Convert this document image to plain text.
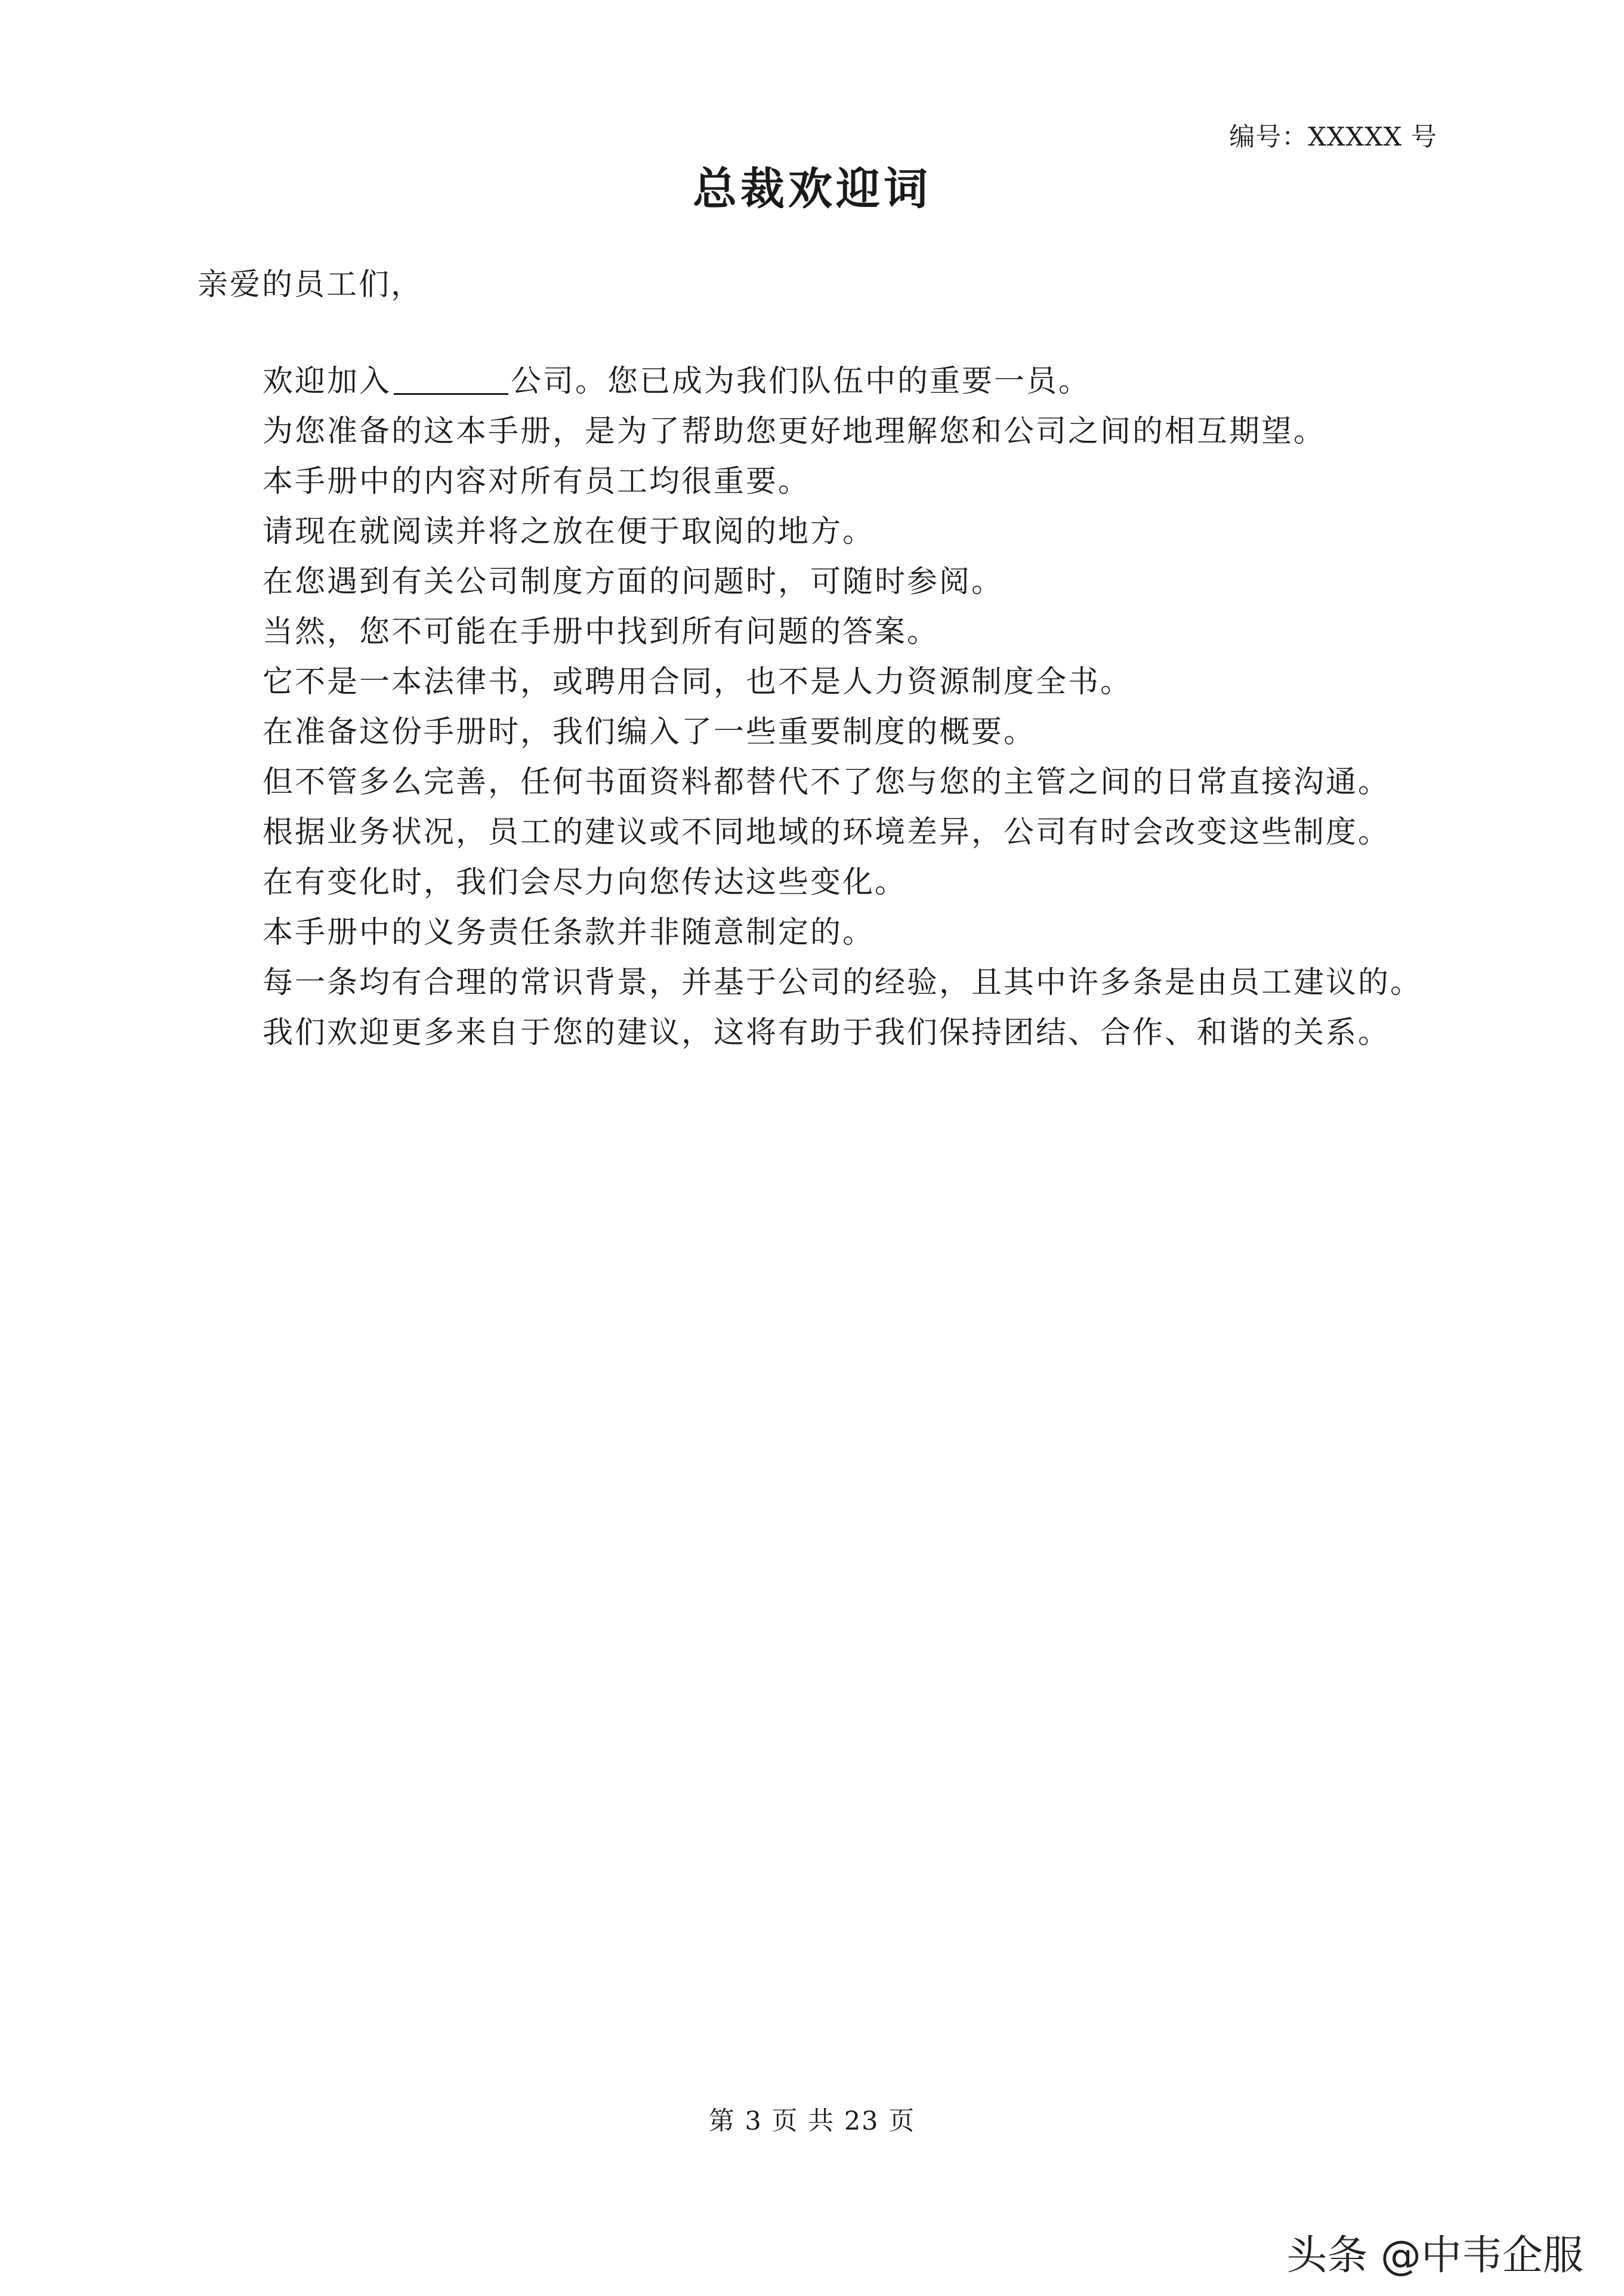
编号：XXXXX 号
总裁欢迎词
亲爱的员工们，
欢迎加入	公司。您已成为我们队伍中的重要一员。
为您准备的这本手册，是为了帮助您更好地理解您和公司之间的相互期望。
本手册中的内容对所有员工均很重要。
请现在就阅读并将之放在便于取阅的地方。
在您遇到有关公司制度方面的问题时，可随时参阅。
当然，您不可能在手册中找到所有问题的答案。
它不是一本法律书，或聘用合同，也不是人力资源制度全书。
在准备这份手册时，我们编入了一些重要制度的概要。
但不管多么完善，任何书面资料都替代不了您与您的主管之间的日常直接沟通。
根据业务状况，员工的建议或不同地域的环境差异，公司有时会改变这些制度。
在有变化时，我们会尽力向您传达这些变化。
本手册中的义务责任条款并非随意制定的。
每一条均有合理的常识背景，并基于公司的经验，且其中许多条是由员工建议的。
我们欢迎更多来自于您的建议，这将有助于我们保持团结、合作、和谐的关系。
第 3 页 共 23 页
头条 @中韦企服
